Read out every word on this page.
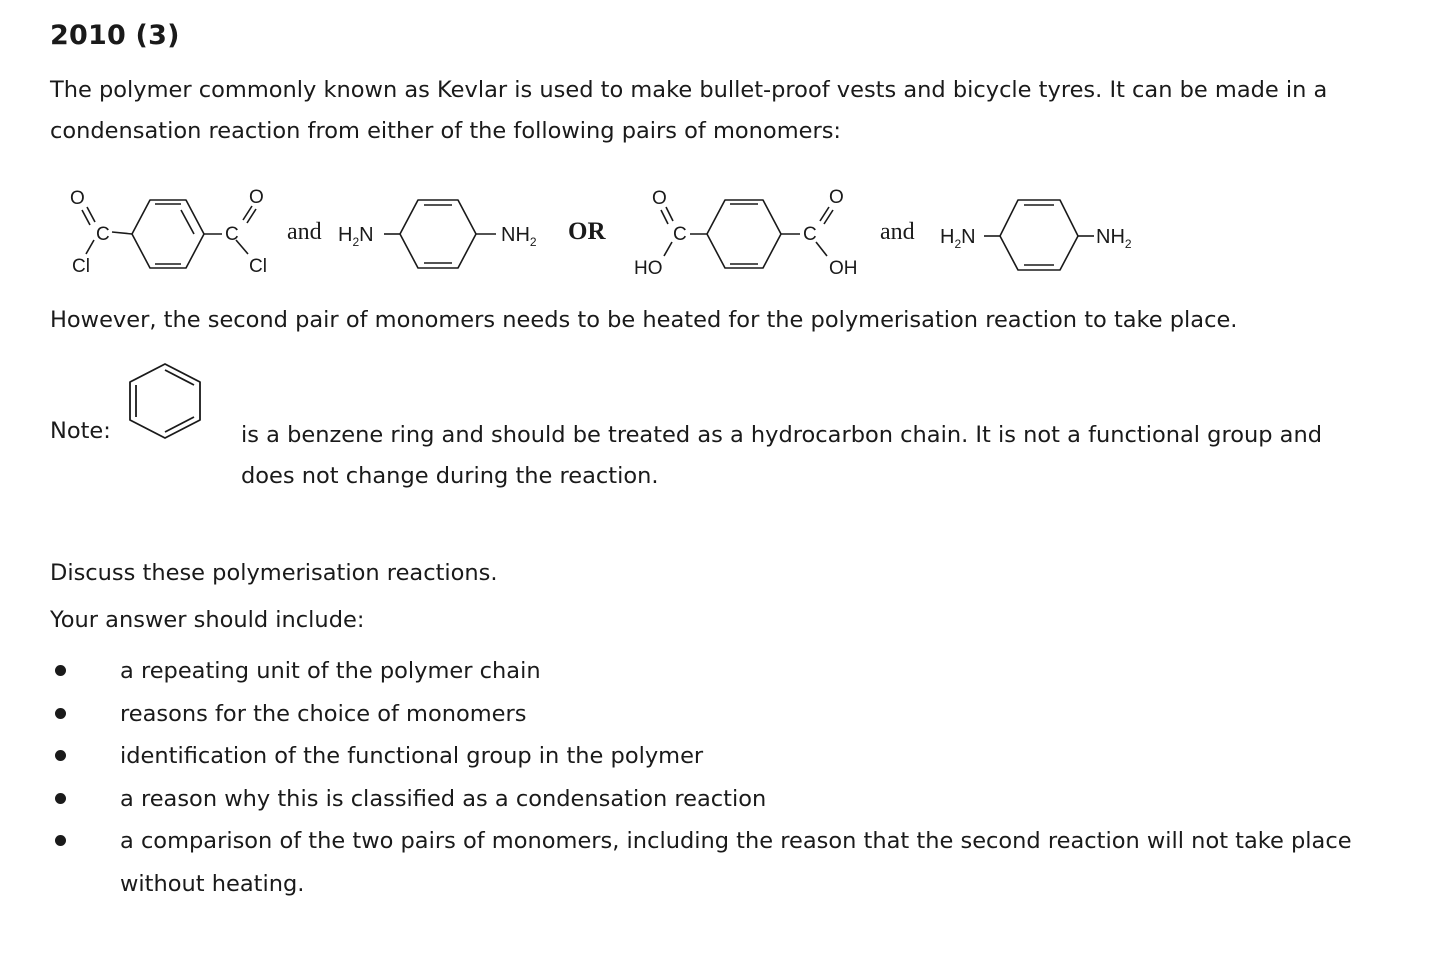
2010 (3)
The polymer commonly known as Kevlar is used to make bullet-proof vests and bicycle tyres. It can be made in a condensation reaction from either of the following pairs of monomers:
O
C
Cl
O
C
Cl
and $H_2N$	$NH_2$ OR
O
C
HO
O
C
OH
and $H_2N$	$NH_2$
However, the second pair of monomers needs to be heated for the polymerisation reaction to take place.
Note:	is a benzene ring and should be treated as a hydrocarbon chain. It is not a functional group and does not change during the reaction.
Discuss these polymerisation reactions.
Your answer should include:
a repeating unit of the polymer chain
reasons for the choice of monomers
identification of the functional group in the polymer
a reason why this is classified as a condensation reaction
a comparison of the two pairs of monomers, including the reason that the second reaction will not take place without heating.
